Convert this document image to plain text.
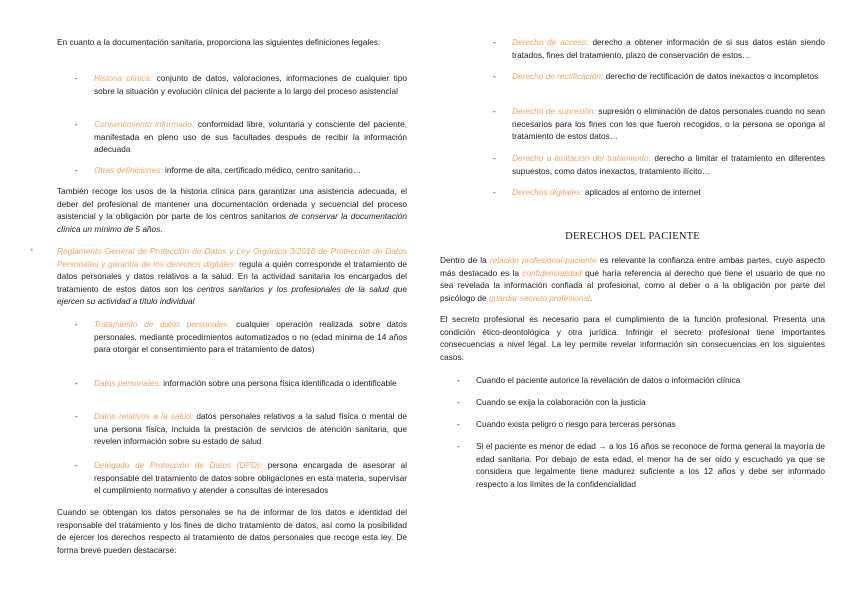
En cuanto a la documentación sanitaria, proporciona las siguientes definiciones legales:

- Historia clínica: conjunto de datos, valoraciones, informaciones de cualquier tipo sobre la situación y evolución clínica del paciente a lo largo del proceso asistencial
- Consentimiento informado: conformidad libre, voluntaria y consciente del paciente, manifestada en pleno uso de sus facultades después de recibir la información adecuada
- Otras definiciones: informe de alta, certificado médico, centro sanitario…

También recoge los usos de la historia clínica para garantizar una asistencia adecuada, el deber del profesional de mantener una documentación ordenada y secuencial del proceso asistencial y la obligación por parte de los centros sanitarios de conservar la documentación clínica un mínimo de 5 años.

•	Reglamento General de Protección de Datos y Ley Orgánica 3/2018 de Protección de Datos Personales y garantía de los derechos digitales: regula a quién corresponde el tratamiento de datos personales y datos relativos a la salud. En la actividad sanitaria los encargados del tratamiento de estos datos son los centros sanitarios y los profesionales de la salud que ejercen su actividad a título individual
- Tratamiento de datos personales: cualquier operación realizada sobre datos personales, mediante procedimientos automatizados o no (edad mínima de 14 años para otorgar el consentimiento para el tratamiento de datos)
- Datos personales: información sobre una persona física identificada o identificable
- Datos relativos a la salud: datos personales relativos a la salud física o mental de una persona física, incluida la prestación de servicios de atención sanitaria, que revelen información sobre su estado de salud
- Delegado de Protección de Datos (DPD): persona encargada de asesorar al responsable del tratamiento de datos sobre obligaciones en esta materia, supervisar el cumplimiento normativo y atender a consultas de interesados

Cuando se obtengan los datos personales se ha de informar de los datos e identidad del responsable del tratamiento y los fines de dicho tratamiento de datos, así como la posibilidad de ejercer los derechos respecto al tratamiento de datos personales que recoge esta ley. De forma breve pueden destacarse:

- Derecho de acceso: derecho a obtener información de si sus datos están siendo tratados, fines del tratamiento, plazo de conservación de estos…
- Derecho de rectificación: derecho de rectificación de datos inexactos o incompletos
- Derecho de supresión: supresión o eliminación de datos personales cuando no sean necesarios para los fines con los que fueron recogidos, o la persona se oponga al tratamiento de estos datos…
- Derecho a limitación del tratamiento: derecho a limitar el tratamiento en diferentes supuestos, como datos inexactos, tratamiento ilícito…
- Derechos digitales: aplicados al entorno de internet
DERECHOS DEL PACIENTE

Dentro de la relación profesional-paciente es relevante la confianza entre ambas partes, cuyo aspecto más destacado es la confidencialidad que haría referencia al derecho que tiene el usuario de que no sea revelada la información confiada al profesional, como al deber o a la obligación por parte del psicólogo de guardar secreto profesional.

El secreto profesional es necesario para el cumplimiento de la función profesional. Presenta una condición ético-deontológica y otra jurídica. Infringir el secreto profesional tiene importantes consecuencias a nivel legal. La ley permite revelar información sin consecuencias en los siguientes casos:

- Cuando el paciente autorice la revelación de datos o información clínica
- Cuando se exija la colaboración con la justicia
- Cuando exista peligro o riesgo para terceras personas
- Si el paciente es menor de edad → a los 16 años se reconoce de forma general la mayoría de edad sanitaria. Por debajo de esta edad, el menor ha de ser oído y escuchado ya que se considera que legalmente tiene madurez suficiente a los 12 años y debe ser informado respecto a los límites de la confidencialidad
